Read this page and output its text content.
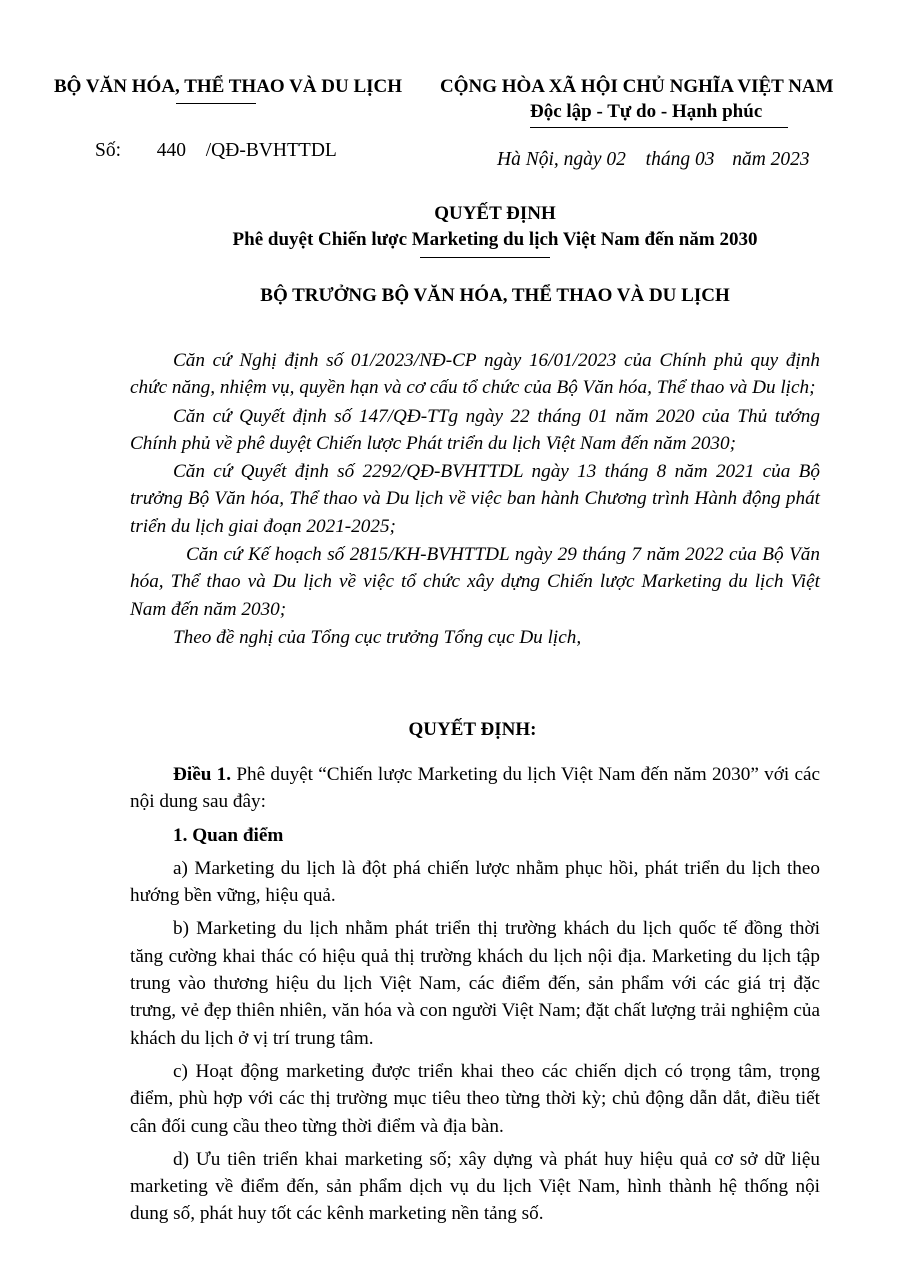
BỘ VĂN HÓA, THỂ THAO VÀ DU LỊCH CỘNG HÒA XÃ HỘI CHỦ NGHĨA VIỆT NAM
Độc lập - Tự do - Hạnh phúc
Số: 440 /QĐ-BVHTTDL	Hà Nội, ngày 02 tháng 03 năm 2023
QUYẾT ĐỊNH
Phê duyệt Chiến lược Marketing du lịch Việt Nam đến năm 2030
BỘ TRƯỞNG BỘ VĂN HÓA, THỂ THAO VÀ DU LỊCH

Căn cứ Nghị định số 01/2023/NĐ-CP ngày 16/01/2023 của Chính phủ quy định chức năng, nhiệm vụ, quyền hạn và cơ cấu tổ chức của Bộ Văn hóa, Thể thao và Du lịch;

Căn cứ Quyết định số 147/QĐ-TTg ngày 22 tháng 01 năm 2020 của Thủ tướng Chính phủ về phê duyệt Chiến lược Phát triển du lịch Việt Nam đến năm 2030;

Căn cứ Quyết định số 2292/QĐ-BVHTTDL ngày 13 tháng 8 năm 2021 của Bộ trưởng Bộ Văn hóa, Thể thao và Du lịch về việc ban hành Chương trình Hành động phát triển du lịch giai đoạn 2021-2025;

Căn cứ Kế hoạch số 2815/KH-BVHTTDL ngày 29 tháng 7 năm 2022 của Bộ Văn hóa, Thể thao và Du lịch về việc tổ chức xây dựng Chiến lược Marketing du lịch Việt Nam đến năm 2030;

Theo đề nghị của Tổng cục trưởng Tổng cục Du lịch,

QUYẾT ĐỊNH:

Điều 1. Phê duyệt “Chiến lược Marketing du lịch Việt Nam đến năm 2030” với các nội dung sau đây:

1. Quan điểm

a) Marketing du lịch là đột phá chiến lược nhằm phục hồi, phát triển du lịch theo hướng bền vững, hiệu quả.

b) Marketing du lịch nhằm phát triển thị trường khách du lịch quốc tế đồng thời tăng cường khai thác có hiệu quả thị trường khách du lịch nội địa. Marketing du lịch tập trung vào thương hiệu du lịch Việt Nam, các điểm đến, sản phẩm với các giá trị đặc trưng, vẻ đẹp thiên nhiên, văn hóa và con người Việt Nam; đặt chất lượng trải nghiệm của khách du lịch ở vị trí trung tâm.

c) Hoạt động marketing được triển khai theo các chiến dịch có trọng tâm, trọng điểm, phù hợp với các thị trường mục tiêu theo từng thời kỳ; chủ động dẫn dắt, điều tiết cân đối cung cầu theo từng thời điểm và địa bàn.

d) Ưu tiên triển khai marketing số; xây dựng và phát huy hiệu quả cơ sở dữ liệu marketing về điểm đến, sản phẩm dịch vụ du lịch Việt Nam, hình thành hệ thống nội dung số, phát huy tốt các kênh marketing nền tảng số.
